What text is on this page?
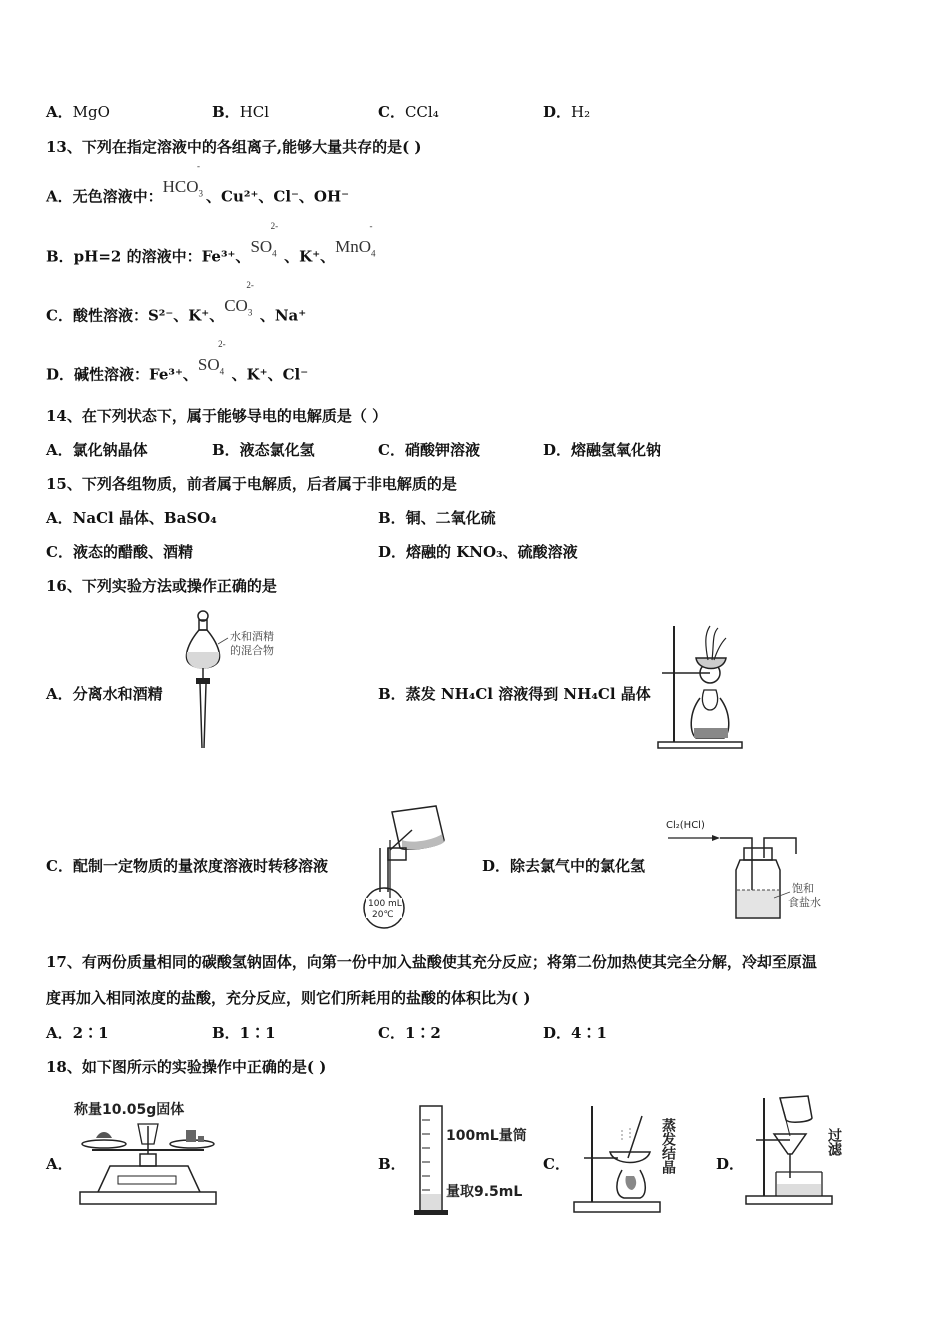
A．MgO	B．HCl	C．CCl₄	D．H₂
13、下列在指定溶液中的各组离子,能够大量共存的是( )
A．无色溶液中：$HCO_3^-$、Cu²⁺、Cl⁻、OH⁻
B．pH=2 的溶液中：Fe³⁺、$SO_4^{2-}$、K⁺、MnO$_4$-
C．酸性溶液：S²⁻、K⁺、$CO_3^{2-}$、Na⁺
D．碱性溶液：Fe³⁺、$SO_4^{2-}$、K⁺、Cl⁻
14、在下列状态下，属于能够导电的电解质是（ ）
A．氯化钠晶体	B．液态氯化氢	C．硝酸钾溶液	D．熔融氢氧化钠
15、下列各组物质，前者属于电解质，后者属于非电解质的是
A．NaCl 晶体、BaSO₄	B．铜、二氧化硫
C．液态的醋酸、酒精	D．熔融的 KNO₃、硫酸溶液
16、下列实验方法或操作正确的是
A．分离水和酒精
水和酒精
的混合物
B．蒸发 NH₄Cl 溶液得到 NH₄Cl 晶体
C．配制一定物质的量浓度溶液时转移溶液
100 mL
20℃
D．除去氯气中的氯化氢
Cl₂(HCl)
饱和
食盐水
17、有两份质量相同的碳酸氢钠固体，向第一份中加入盐酸使其充分反应；将第二份加热使其完全分解，冷却至原温
度再加入相同浓度的盐酸，充分反应，则它们所耗用的盐酸的体积比为( )
A．2∶1	B．1∶1	C．1∶2	D．4∶1
18、如下图所示的实验操作中正确的是( )
A．
称量10.05g固体
B．
100mL量筒
量取9.5mL
C．	蒸发结晶	D．
过滤
